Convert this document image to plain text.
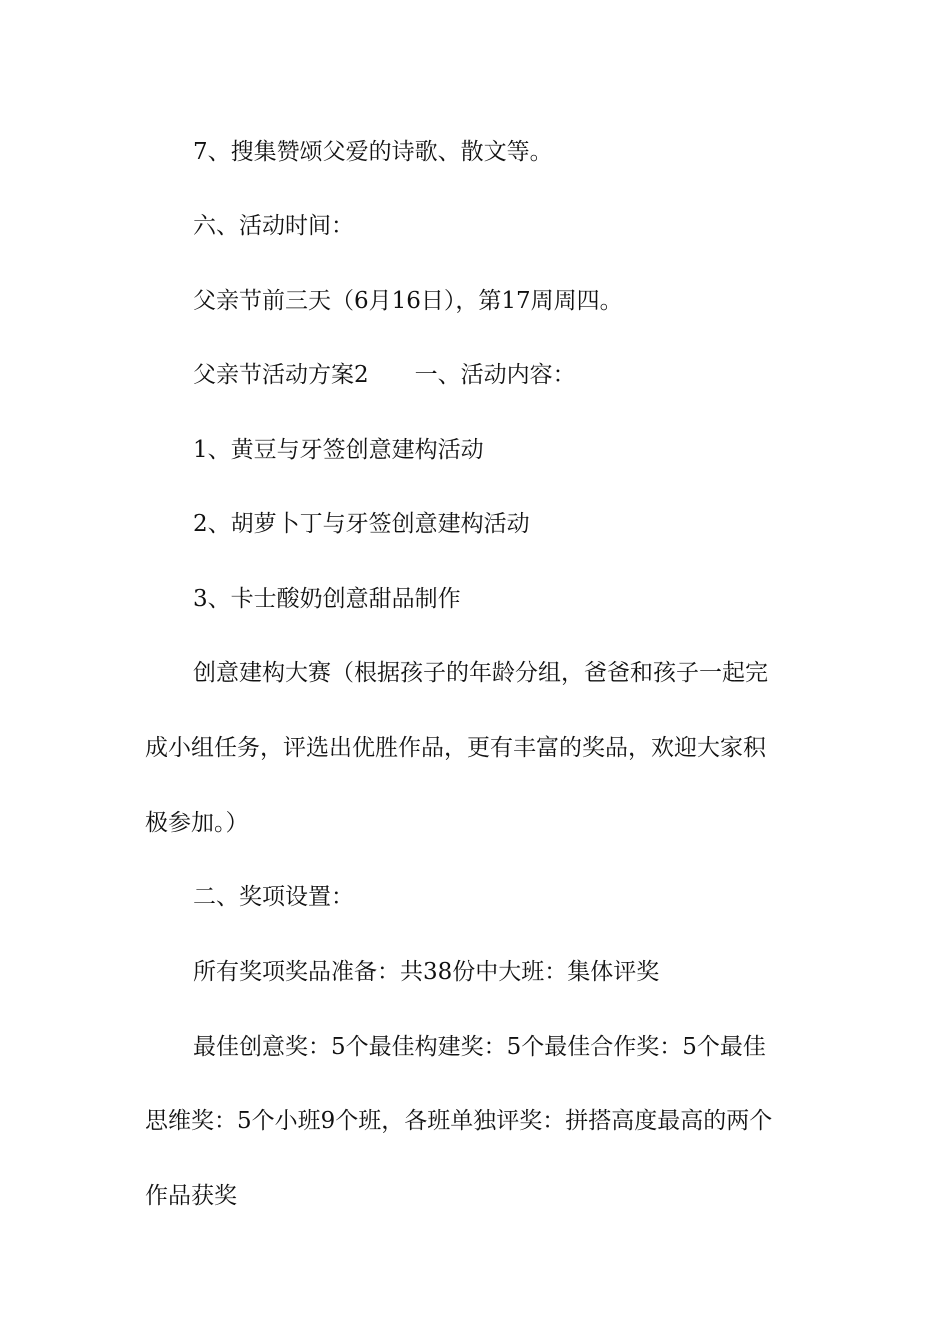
7、搜集赞颂父爱的诗歌、散文等。
六、活动时间：
父亲节前三天（6月16日），第17周周四。
父亲节活动方案2　　一、活动内容：
1、黄豆与牙签创意建构活动
2、胡萝卜丁与牙签创意建构活动
3、卡士酸奶创意甜品制作
创意建构大赛（根据孩子的年龄分组，爸爸和孩子一起完
成小组任务，评选出优胜作品，更有丰富的奖品，欢迎大家积
极参加。）
二、奖项设置：
所有奖项奖品准备：共38份中大班：集体评奖
最佳创意奖：5个最佳构建奖：5个最佳合作奖：5个最佳
思维奖：5个小班9个班，各班单独评奖：拼搭高度最高的两个
作品获奖
